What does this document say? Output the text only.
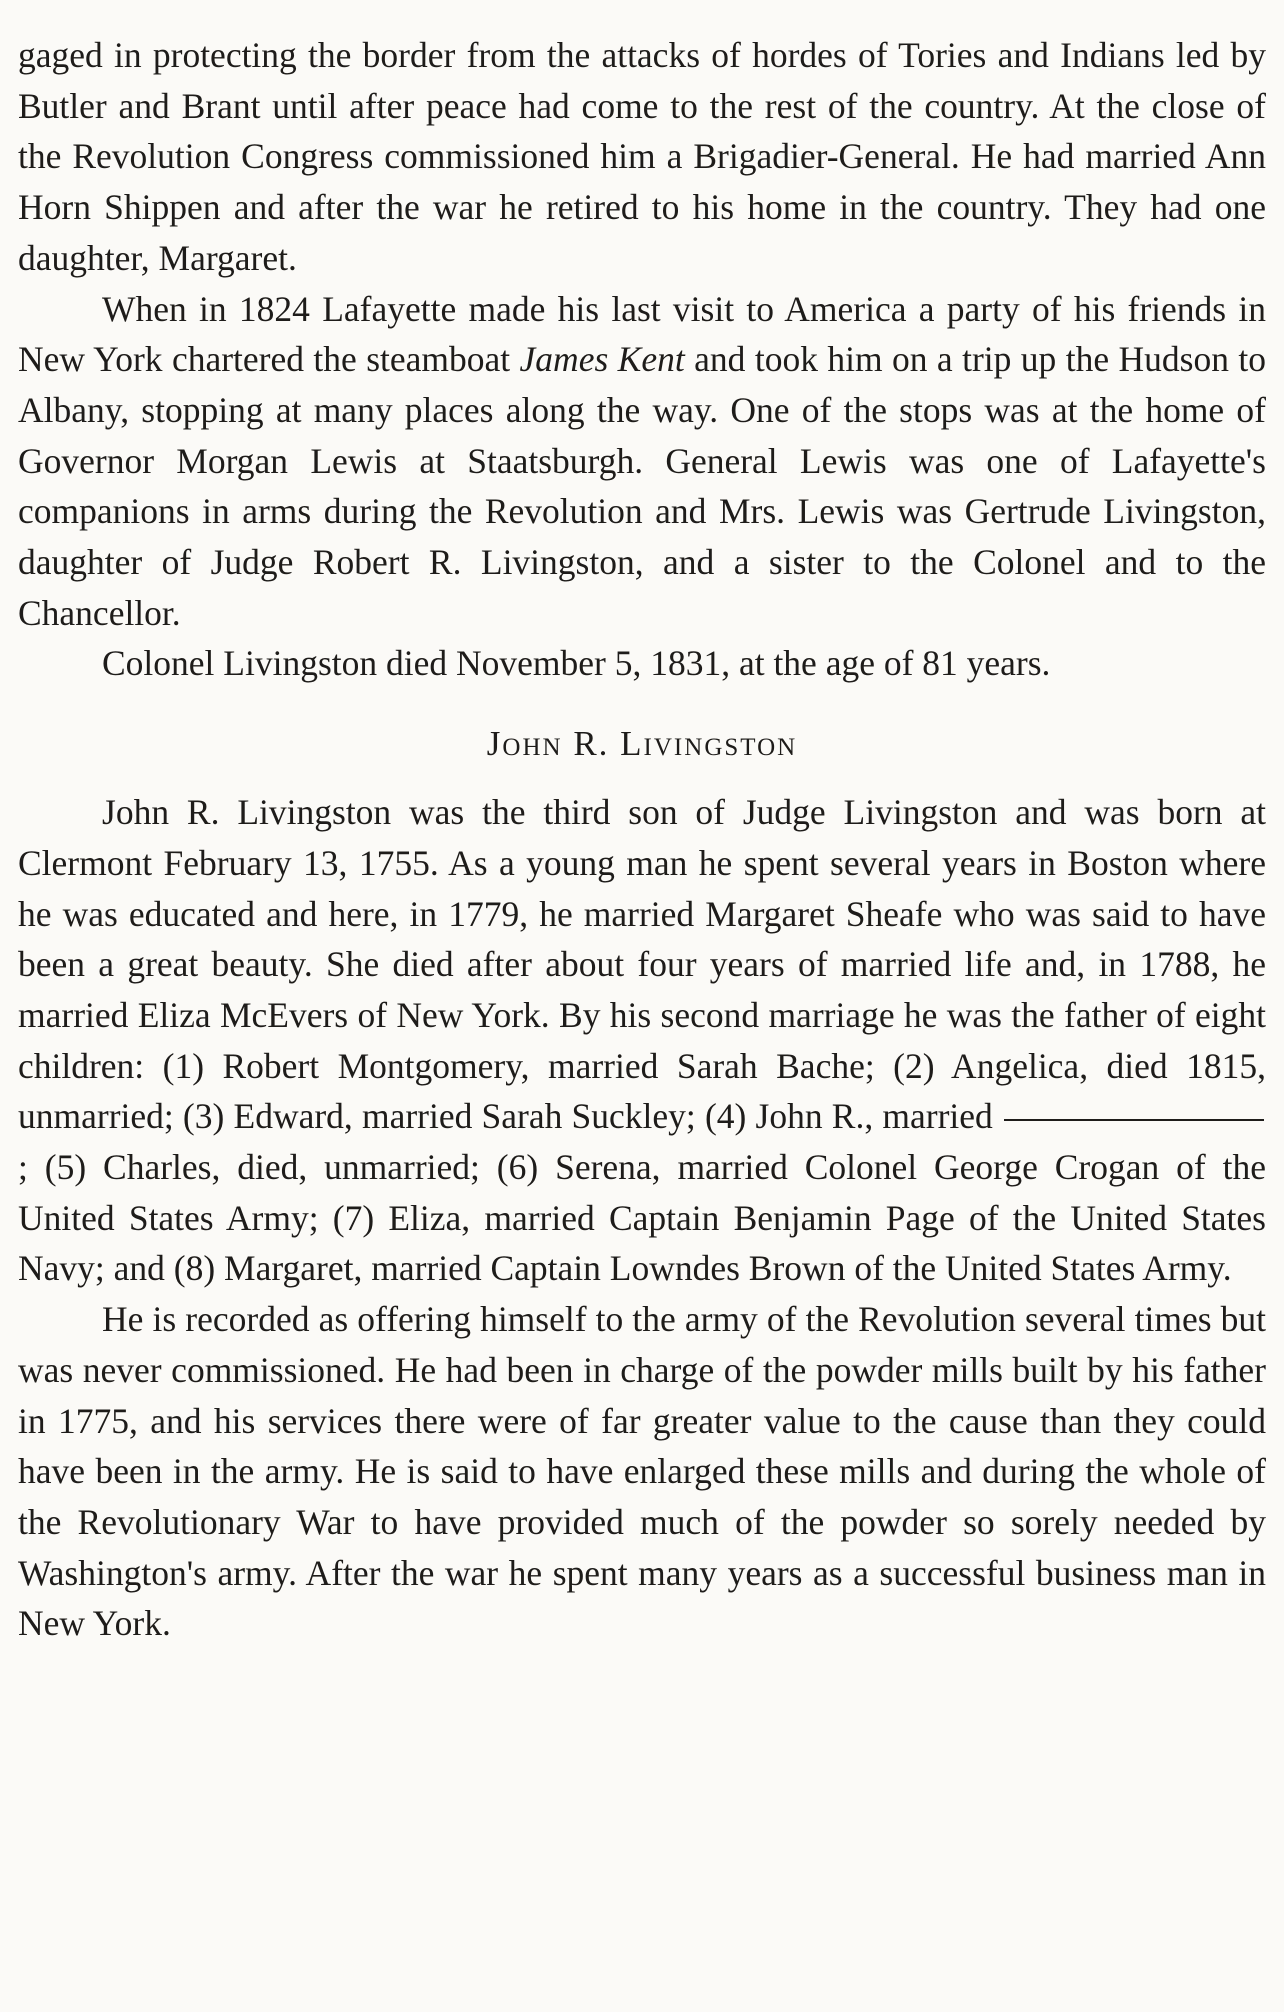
gaged in protecting the border from the attacks of hordes of Tories and Indians led by Butler and Brant until after peace had come to the rest of the country. At the close of the Revolution Congress commissioned him a Brigadier-General. He had married Ann Horn Shippen and after the war he retired to his home in the country. They had one daughter, Margaret.

When in 1824 Lafayette made his last visit to America a party of his friends in New York chartered the steamboat James Kent and took him on a trip up the Hudson to Albany, stopping at many places along the way. One of the stops was at the home of Governor Morgan Lewis at Staatsburgh. General Lewis was one of Lafayette's companions in arms during the Revolution and Mrs. Lewis was Gertrude Livingston, daughter of Judge Robert R. Livingston, and a sister to the Colonel and to the Chancellor.

Colonel Livingston died November 5, 1831, at the age of 81 years.

John R. Livingston

John R. Livingston was the third son of Judge Livingston and was born at Clermont February 13, 1755. As a young man he spent several years in Boston where he was educated and here, in 1779, he married Margaret Sheafe who was said to have been a great beauty. She died after about four years of married life and, in 1788, he married Eliza McEvers of New York. By his second marriage he was the father of eight children: (1) Robert Montgomery, married Sarah Bache; (2) Angelica, died 1815, unmarried; (3) Edward, married Sarah Suckley; (4) John R., married ; (5) Charles, died, unmarried; (6) Serena, married Colonel George Crogan of the United States Army; (7) Eliza, married Captain Benjamin Page of the United States Navy; and (8) Margaret, married Captain Lowndes Brown of the United States Army.

He is recorded as offering himself to the army of the Revolution several times but was never commissioned. He had been in charge of the powder mills built by his father in 1775, and his services there were of far greater value to the cause than they could have been in the army. He is said to have enlarged these mills and during the whole of the Revolutionary War to have provided much of the powder so sorely needed by Washington's army. After the war he spent many years as a successful business man in New York.
